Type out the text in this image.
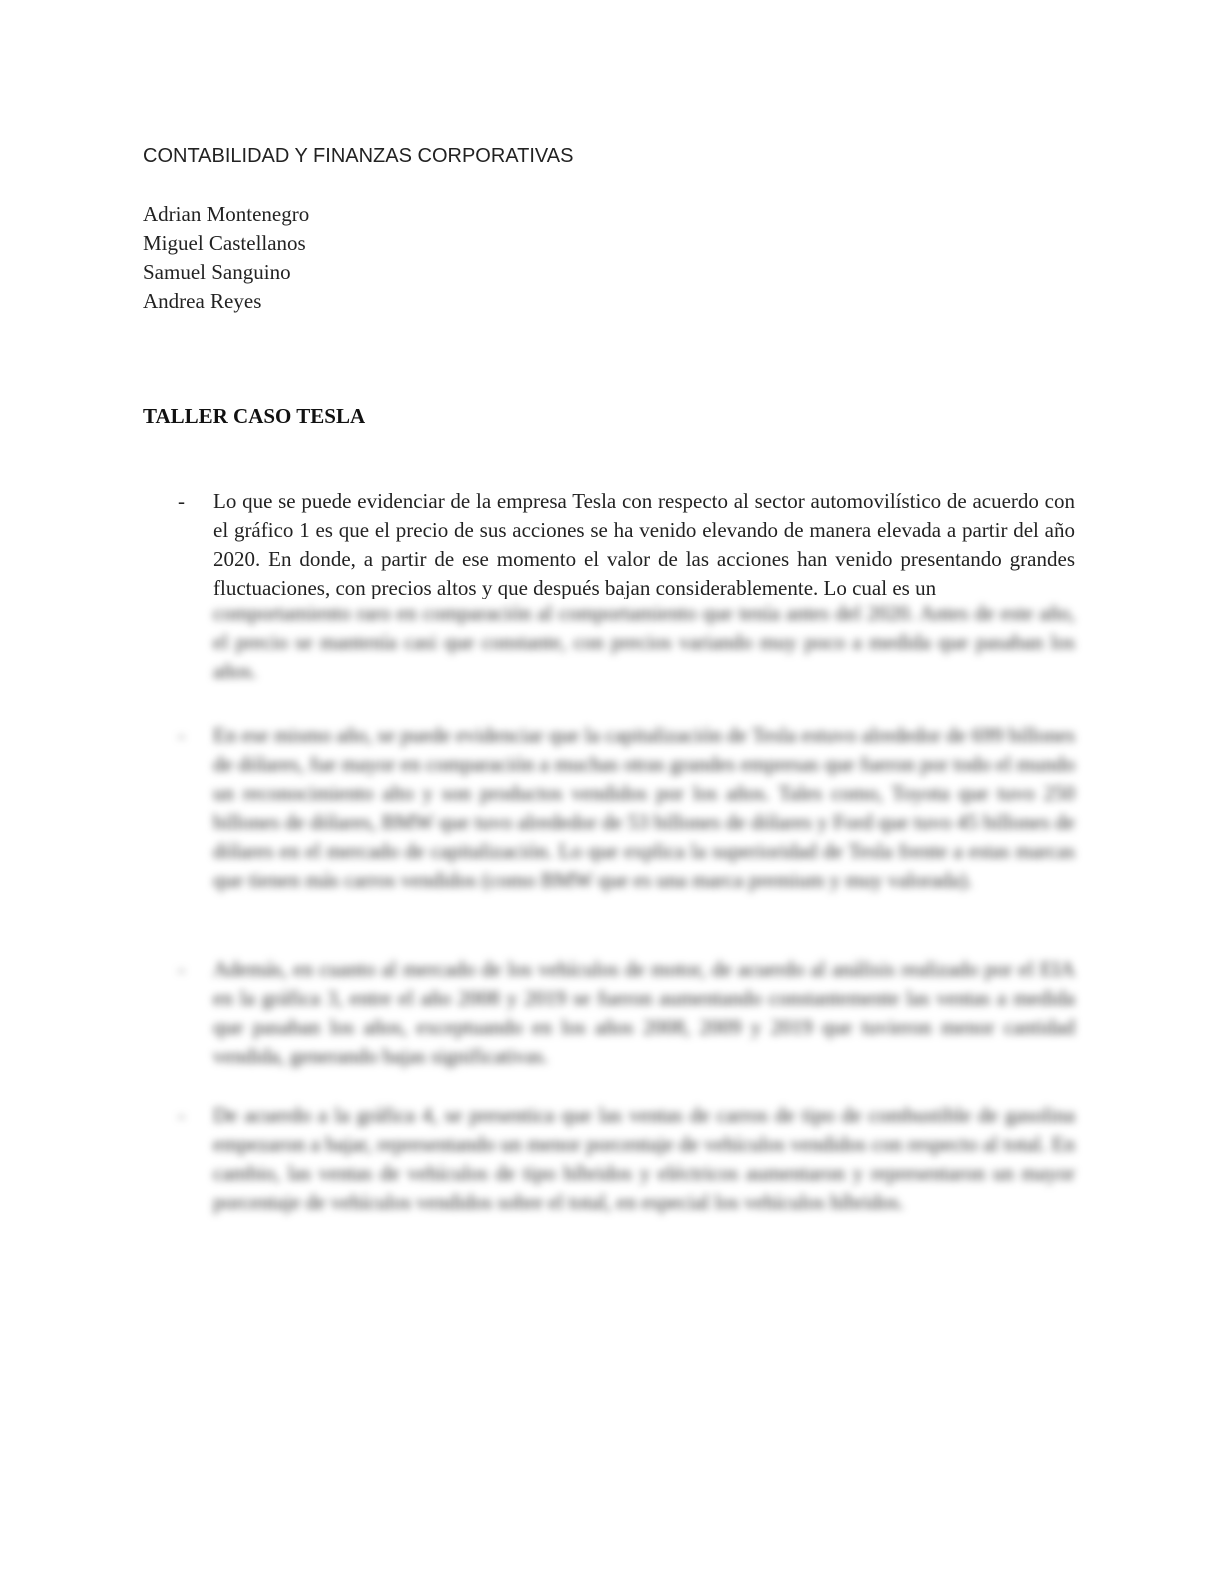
CONTABILIDAD Y FINANZAS CORPORATIVAS
Adrian Montenegro
Miguel Castellanos
Samuel Sanguino
Andrea Reyes
TALLER CASO TESLA
-	Lo que se puede evidenciar de la empresa Tesla con respecto al sector automovilístico de acuerdo con el gráfico 1 es que el precio de sus acciones se ha venido elevando de manera elevada a partir del año 2020. En donde, a partir de ese momento el valor de las acciones han venido presentando grandes fluctuaciones, con precios altos y que después bajan considerablemente. Lo cual es un
comportamiento raro en comparación al comportamiento que tenía antes del 2020. Antes de este año, el precio se mantenía casi que constante, con precios variando muy poco a medida que pasaban los años.
-	En ese mismo año, se puede evidenciar que la capitalización de Tesla estuvo alrededor de 699 billones de dólares, fue mayor en comparación a muchas otras grandes empresas que fueron por todo el mundo un reconocimiento alto y son productos vendidos por los años. Tales como, Toyota que tuvo 250 billones de dólares, BMW que tuvo alrededor de 53 billones de dólares y Ford que tuvo 45 billones de dólares en el mercado de capitalización. Lo que explica la superioridad de Tesla frente a estas marcas que tienen más carros vendidos (como BMW que es una marca premium y muy valorada).
-	Además, en cuanto al mercado de los vehículos de motor, de acuerdo al análisis realizado por el EIA en la gráfica 3, entre el año 2008 y 2019 se fueron aumentando constantemente las ventas a medida que pasaban los años, exceptuando en los años 2008, 2009 y 2019 que tuvieron menor cantidad vendida, generando bajas significativas.
-	De acuerdo a la gráfica 4, se presentica que las ventas de carros de tipo de combustible de gasolina empezaron a bajar, representando un menor porcentaje de vehículos vendidos con respecto al total. En cambio, las ventas de vehículos de tipo híbridos y eléctricos aumentaron y representaron un mayor porcentaje de vehículos vendidos sobre el total, en especial los vehículos híbridos.
